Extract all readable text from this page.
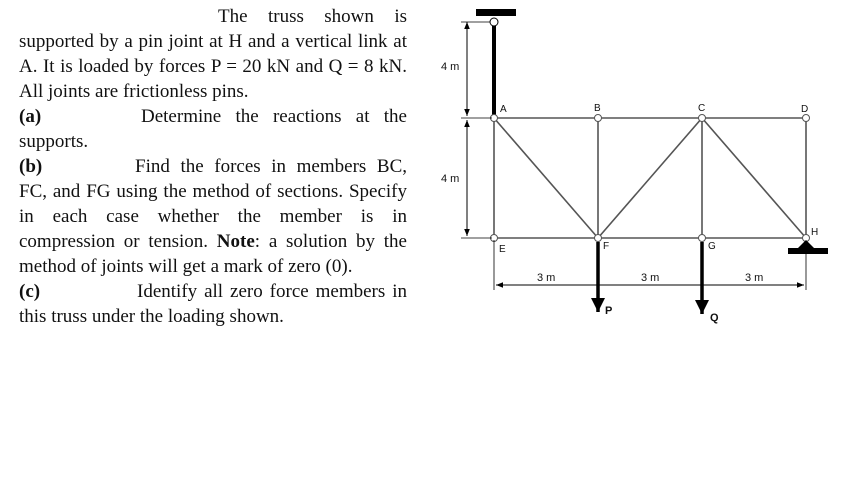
The truss shown is supported by a pin joint at H and a vertical link at A. It is loaded by forces P = 20 kN and Q = 8 kN. All joints are frictionless pins.

(a)	Determine the reactions at the supports.

(b)	Find the forces in members BC, FC, and FG using the method of sections. Specify in each case whether the member is in compression or tension. Note: a solution by the method of joints will get a mark of zero (0).

(c)	Identify all zero force members in this truss under the loading shown.

A	B	C	D
E	F	G
H
4 m
4 m
3 m	3 m	3 m
P
Q
